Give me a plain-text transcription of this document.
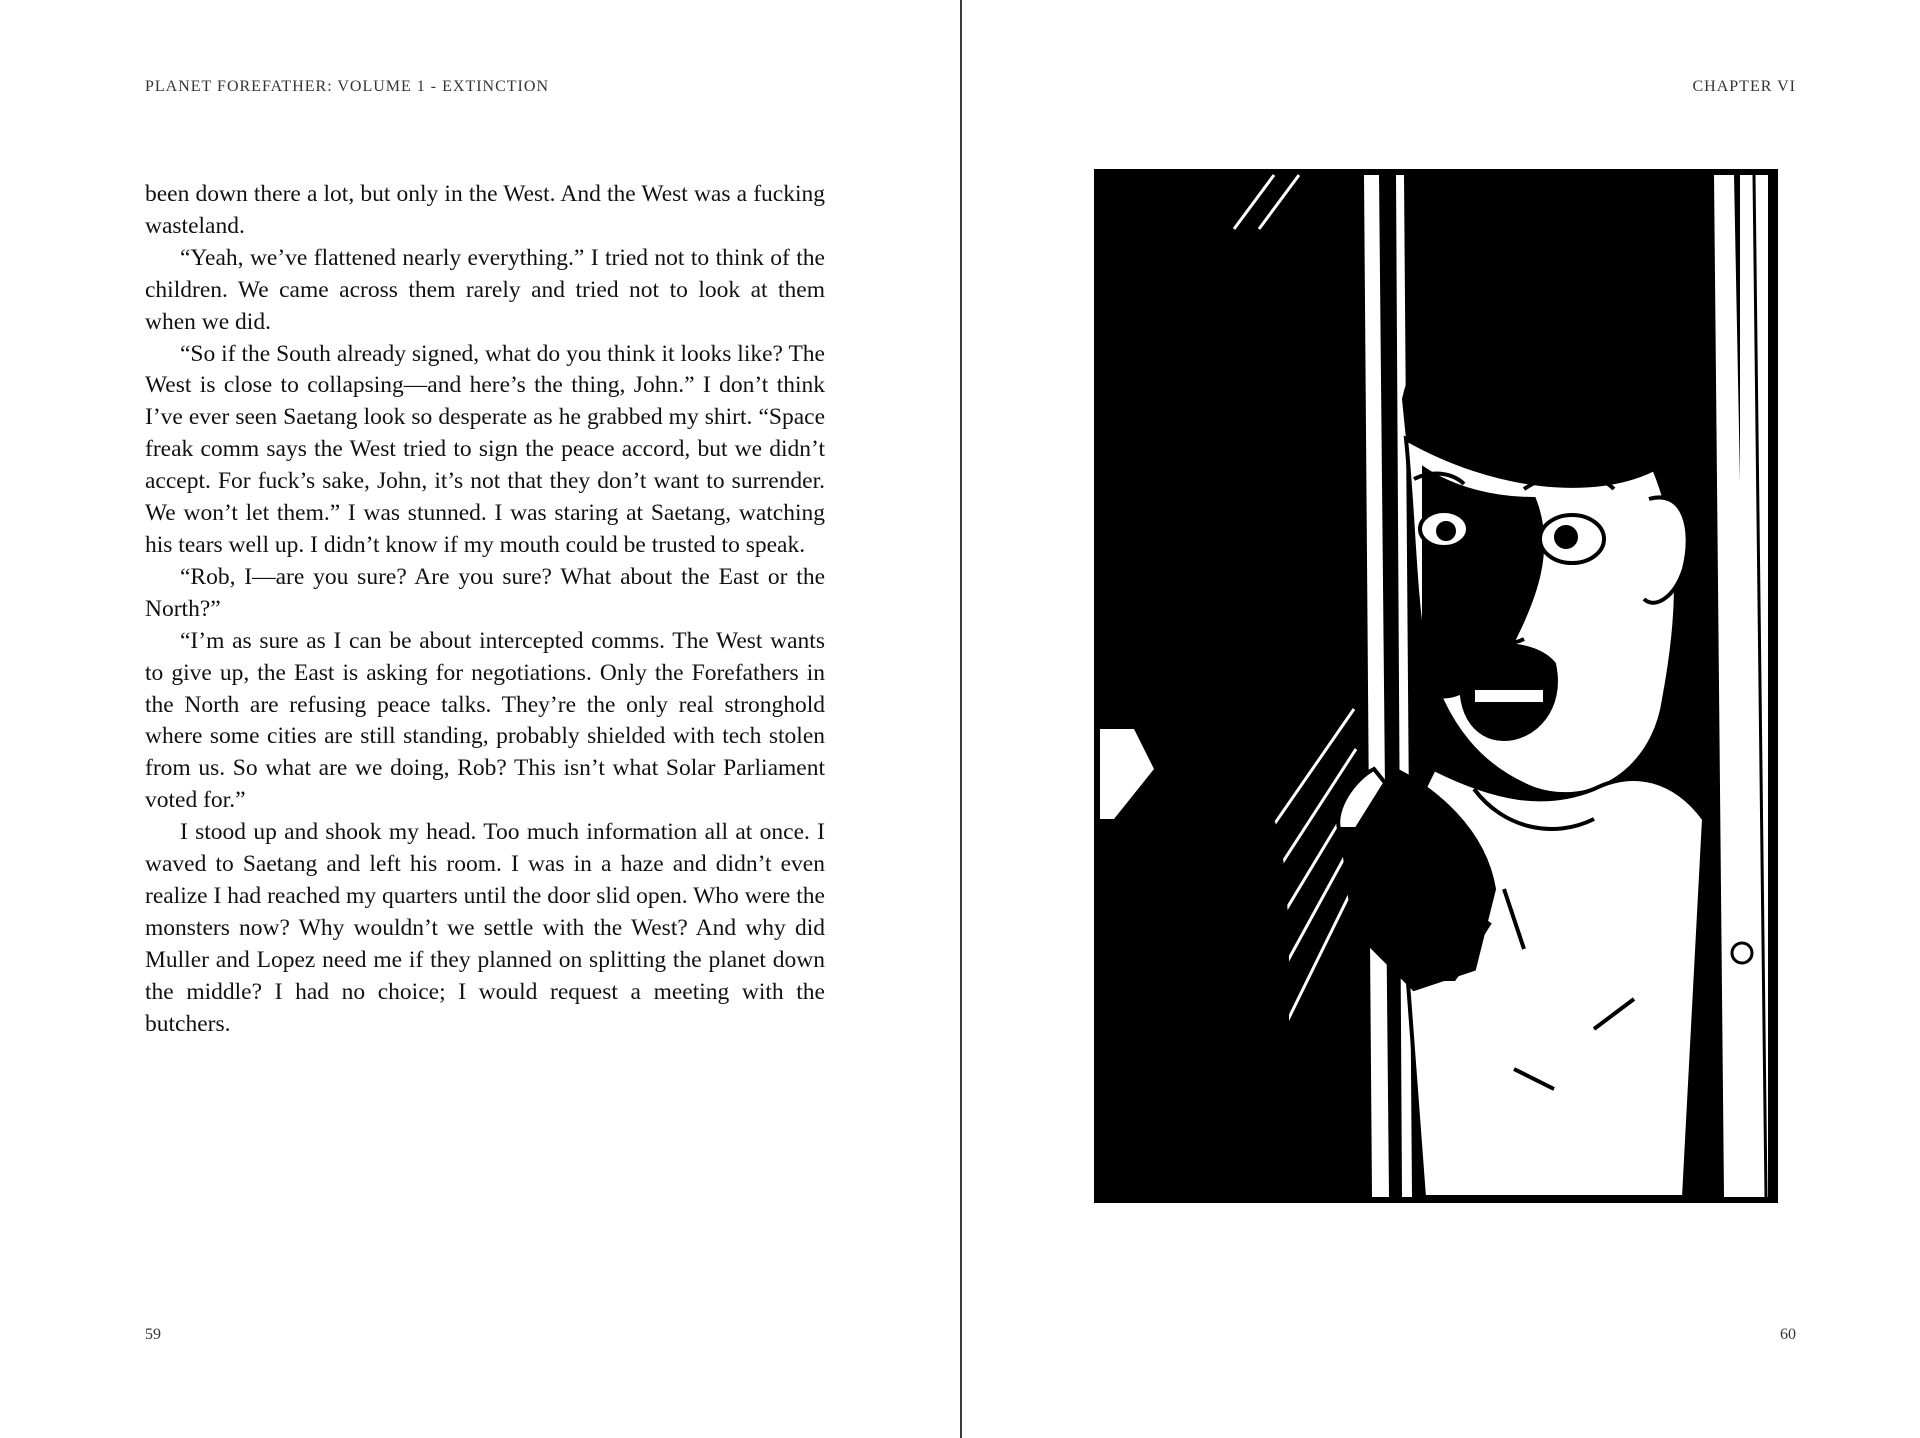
PLANET FOREFATHER: VOLUME 1 - EXTINCTION

been down there a lot, but only in the West. And the West was a fucking wasteland.

“Yeah, we’ve flattened nearly everything.” I tried not to think of the children. We came across them rarely and tried not to look at them when we did.

“So if the South already signed, what do you think it looks like? The West is close to collapsing—and here’s the thing, John.” I don’t think I’ve ever seen Saetang look so desperate as he grabbed my shirt. “Space freak comm says the West tried to sign the peace accord, but we didn’t accept. For fuck’s sake, John, it’s not that they don’t want to surrender. We won’t let them.” I was stunned. I was staring at Saetang, watching his tears well up. I didn’t know if my mouth could be trusted to speak.

“Rob, I—are you sure? Are you sure? What about the East or the North?”

“I’m as sure as I can be about intercepted comms. The West wants to give up, the East is asking for negotiations. Only the Forefathers in the North are refusing peace talks. They’re the only real stronghold where some cities are still standing, probably shielded with tech stolen from us. So what are we doing, Rob? This isn’t what Solar Parliament voted for.”

I stood up and shook my head. Too much information all at once. I waved to Saetang and left his room. I was in a haze and didn’t even realize I had reached my quarters until the door slid open. Who were the monsters now? Why wouldn’t we settle with the West? And why did Muller and Lopez need me if they planned on splitting the planet down the middle? I had no choice; I would request a meeting with the butchers.

59
CHAPTER VI
60
